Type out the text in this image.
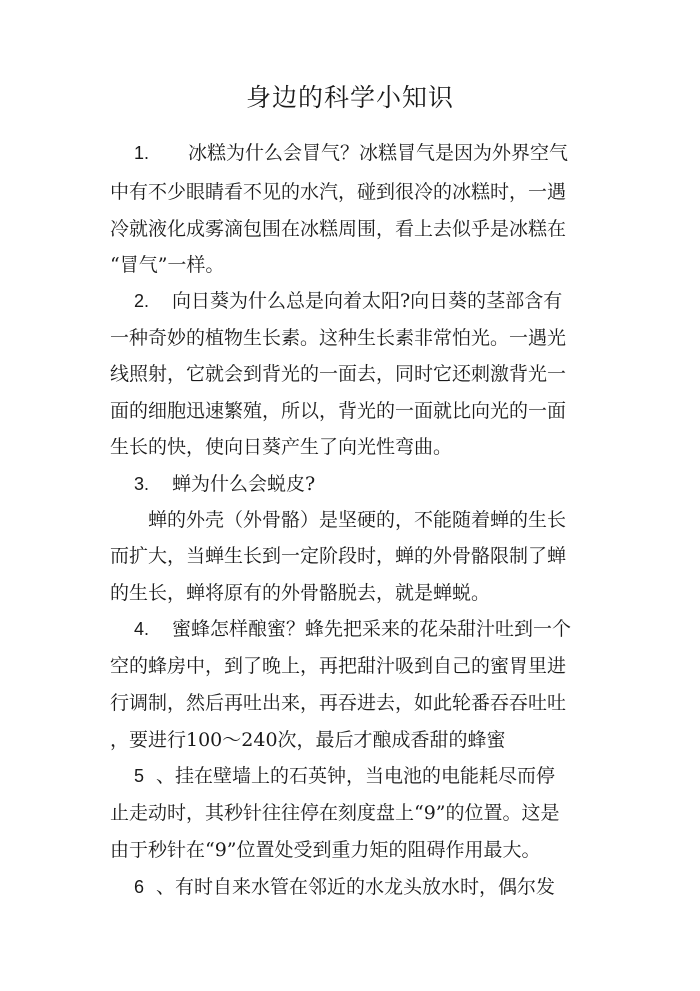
身边的科学小知识
1. 冰糕为什么会冒气？冰糕冒气是因为外界空气
中有不少眼睛看不见的水汽，碰到很冷的冰糕时，一遇
冷就液化成雾滴包围在冰糕周围，看上去似乎是冰糕在
“冒气”一样。
2. 向日葵为什么总是向着太阳?向日葵的茎部含有
一种奇妙的植物生长素。这种生长素非常怕光。一遇光
线照射，它就会到背光的一面去，同时它还刺激背光一
面的细胞迅速繁殖，所以，背光的一面就比向光的一面
生长的快，使向日葵产生了向光性弯曲。
3. 蝉为什么会蜕皮?
蝉的外壳（外骨骼）是坚硬的，不能随着蝉的生长
而扩大，当蝉生长到一定阶段时，蝉的外骨骼限制了蝉
的生长，蝉将原有的外骨骼脱去，就是蝉蜕。
4. 蜜蜂怎样酿蜜？蜂先把采来的花朵甜汁吐到一个
空的蜂房中，到了晚上，再把甜汁吸到自己的蜜胃里进
行调制，然后再吐出来，再吞进去，如此轮番吞吞吐吐
，要进行100～240次，最后才酿成香甜的蜂蜜
5 、挂在壁墙上的石英钟，当电池的电能耗尽而停
止走动时，其秒针往往停在刻度盘上“9”的位置。这是
由于秒针在“9”位置处受到重力矩的阻碍作用最大。
6 、有时自来水管在邻近的水龙头放水时，偶尔发
